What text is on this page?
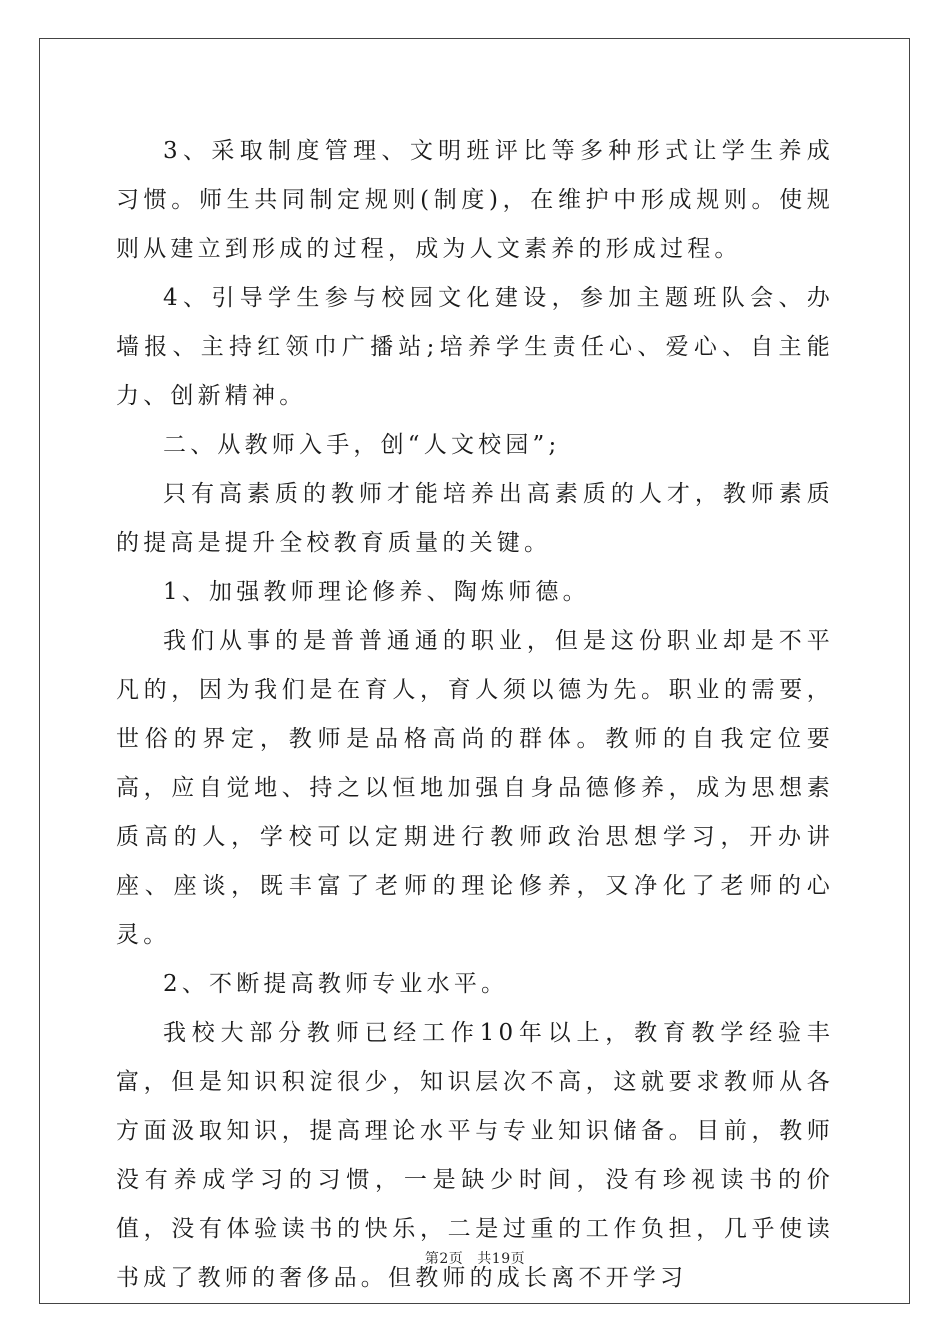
3、采取制度管理、文明班评比等多种形式让学生养成习惯。师生共同制定规则(制度)，在维护中形成规则。使规则从建立到形成的过程，成为人文素养的形成过程。

4、引导学生参与校园文化建设，参加主题班队会、办墙报、主持红领巾广播站;培养学生责任心、爱心、自主能力、创新精神。

二、从教师入手，创“人文校园”;

只有高素质的教师才能培养出高素质的人才，教师素质的提高是提升全校教育质量的关键。

1、加强教师理论修养、陶炼师德。

我们从事的是普普通通的职业，但是这份职业却是不平凡的，因为我们是在育人，育人须以德为先。职业的需要，世俗的界定，教师是品格高尚的群体。教师的自我定位要高，应自觉地、持之以恒地加强自身品德修养，成为思想素质高的人，学校可以定期进行教师政治思想学习，开办讲座、座谈，既丰富了老师的理论修养，又净化了老师的心灵。

2、不断提高教师专业水平。

我校大部分教师已经工作10年以上，教育教学经验丰富，但是知识积淀很少，知识层次不高，这就要求教师从各方面汲取知识，提高理论水平与专业知识储备。目前，教师没有养成学习的习惯，一是缺少时间，没有珍视读书的价值，没有体验读书的快乐，二是过重的工作负担，几乎使读书成了教师的奢侈品。但教师的成长离不开学习

第2页 共19页
